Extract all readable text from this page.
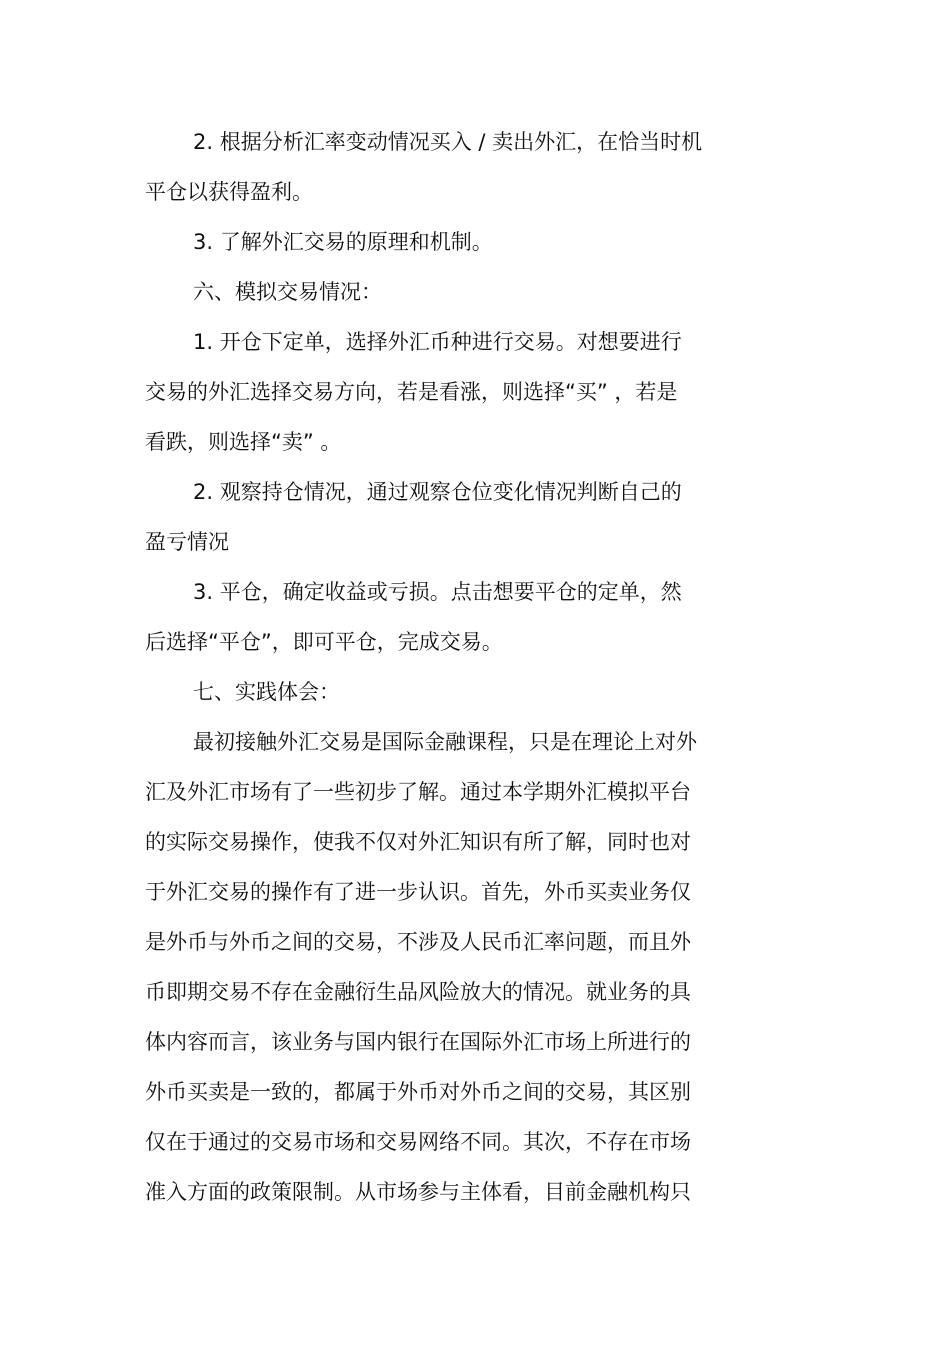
2. 根据分析汇率变动情况买入 / 卖出外汇，在恰当时机
平仓以获得盈利。
3. 了解外汇交易的原理和机制。
六、模拟交易情况：
1. 开仓下定单，选择外汇币种进行交易。对想要进行
交易的外汇选择交易方向，若是看涨，则选择“买” ，若是
看跌，则选择“卖” 。
2. 观察持仓情况，通过观察仓位变化情况判断自己的
盈亏情况
3. 平仓，确定收益或亏损。点击想要平仓的定单，然
后选择“平仓”，即可平仓，完成交易。
七、实践体会：
最初接触外汇交易是国际金融课程，只是在理论上对外
汇及外汇市场有了一些初步了解。通过本学期外汇模拟平台
的实际交易操作，使我不仅对外汇知识有所了解，同时也对
于外汇交易的操作有了进一步认识。首先，外币买卖业务仅
是外币与外币之间的交易，不涉及人民币汇率问题，而且外
币即期交易不存在金融衍生品风险放大的情况。就业务的具
体内容而言，该业务与国内银行在国际外汇市场上所进行的
外币买卖是一致的，都属于外币对外币之间的交易，其区别
仅在于通过的交易市场和交易网络不同。其次，不存在市场
准入方面的政策限制。从市场参与主体看，目前金融机构只
